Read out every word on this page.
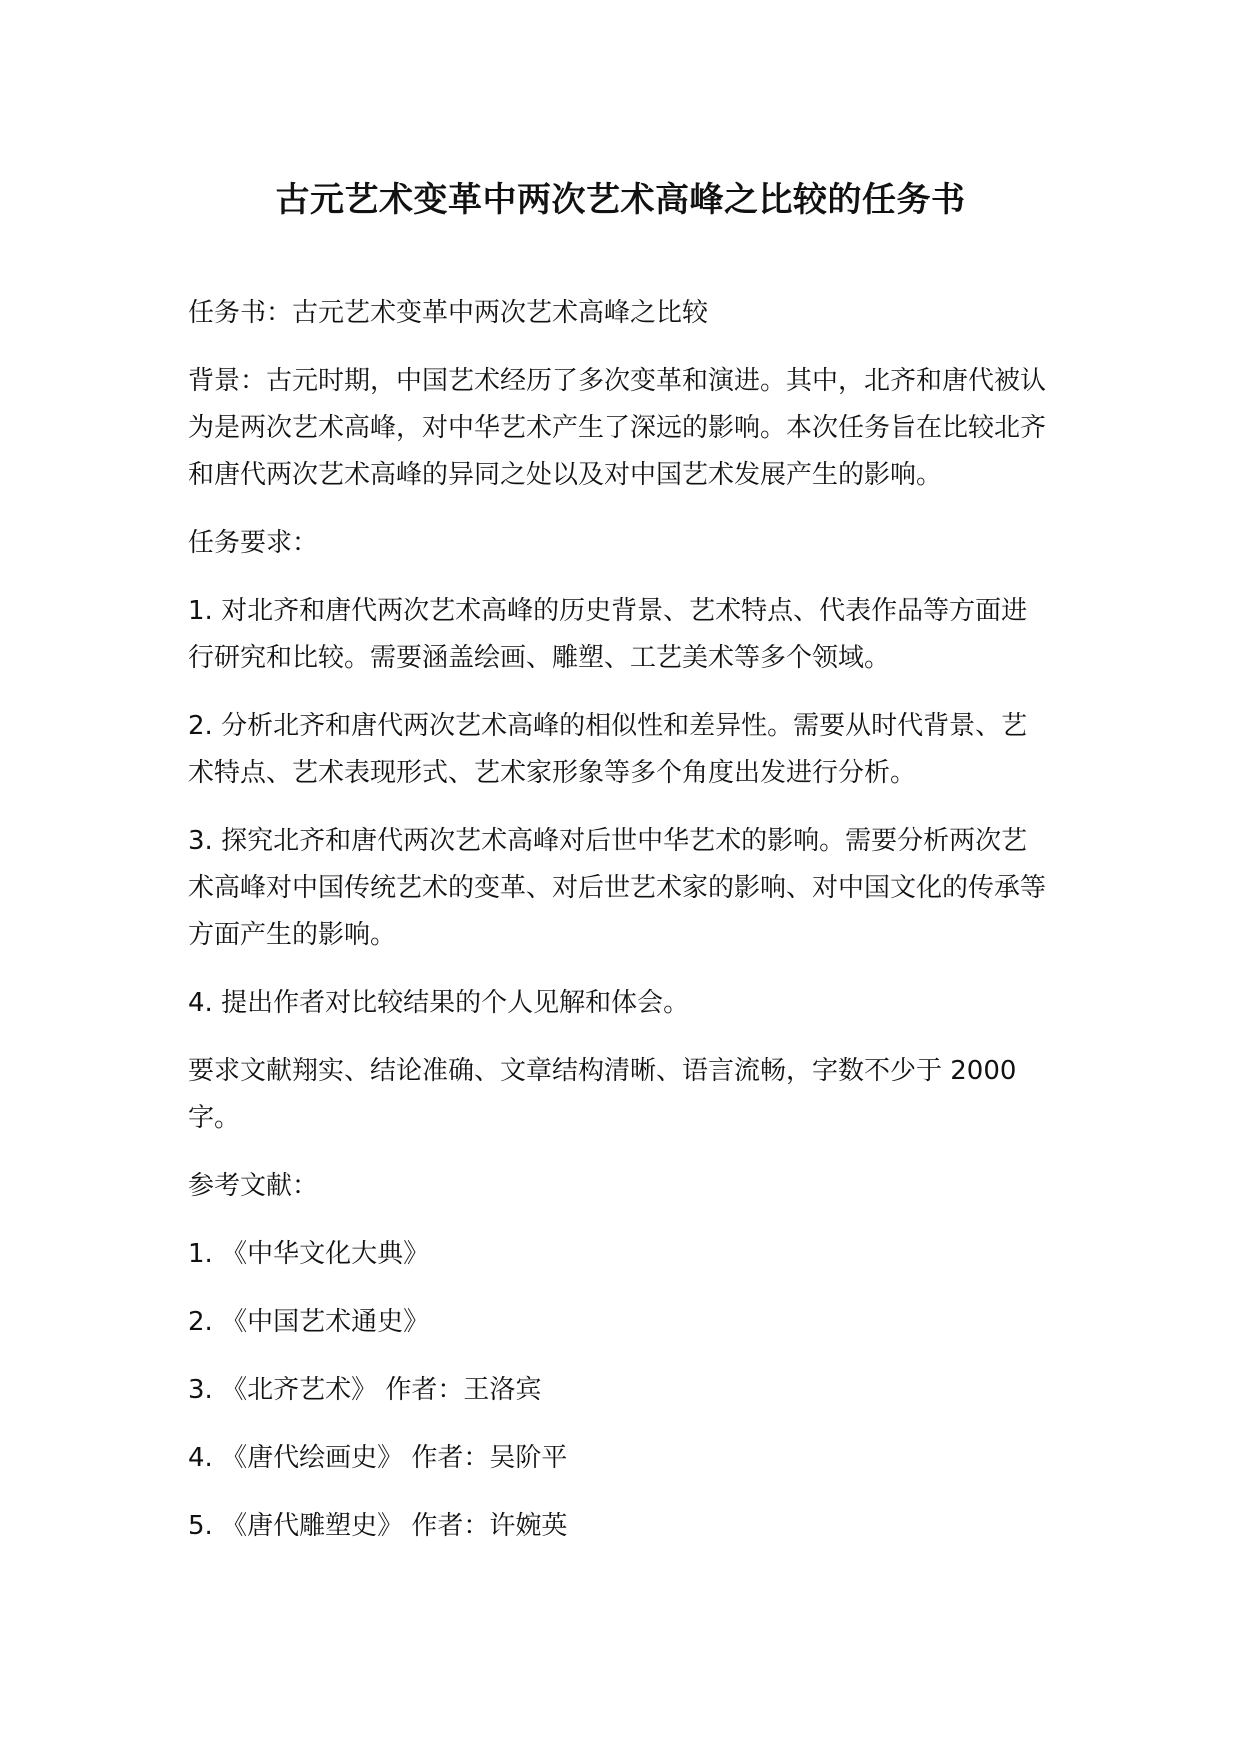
古元艺术变革中两次艺术高峰之比较的任务书

任务书：古元艺术变革中两次艺术高峰之比较

背景：古元时期，中国艺术经历了多次变革和演进。其中，北齐和唐代被认为是两次艺术高峰，对中华艺术产生了深远的影响。本次任务旨在比较北齐和唐代两次艺术高峰的异同之处以及对中国艺术发展产生的影响。

任务要求：

1. 对北齐和唐代两次艺术高峰的历史背景、艺术特点、代表作品等方面进行研究和比较。需要涵盖绘画、雕塑、工艺美术等多个领域。

2. 分析北齐和唐代两次艺术高峰的相似性和差异性。需要从时代背景、艺术特点、艺术表现形式、艺术家形象等多个角度出发进行分析。

3. 探究北齐和唐代两次艺术高峰对后世中华艺术的影响。需要分析两次艺术高峰对中国传统艺术的变革、对后世艺术家的影响、对中国文化的传承等方面产生的影响。

4. 提出作者对比较结果的个人见解和体会。

要求文献翔实、结论准确、文章结构清晰、语言流畅，字数不少于 2000 字。

参考文献：

1. 《中华文化大典》

2. 《中国艺术通史》

3. 《北齐艺术》 作者：王洛宾

4. 《唐代绘画史》 作者：吴阶平

5. 《唐代雕塑史》 作者：许婉英
